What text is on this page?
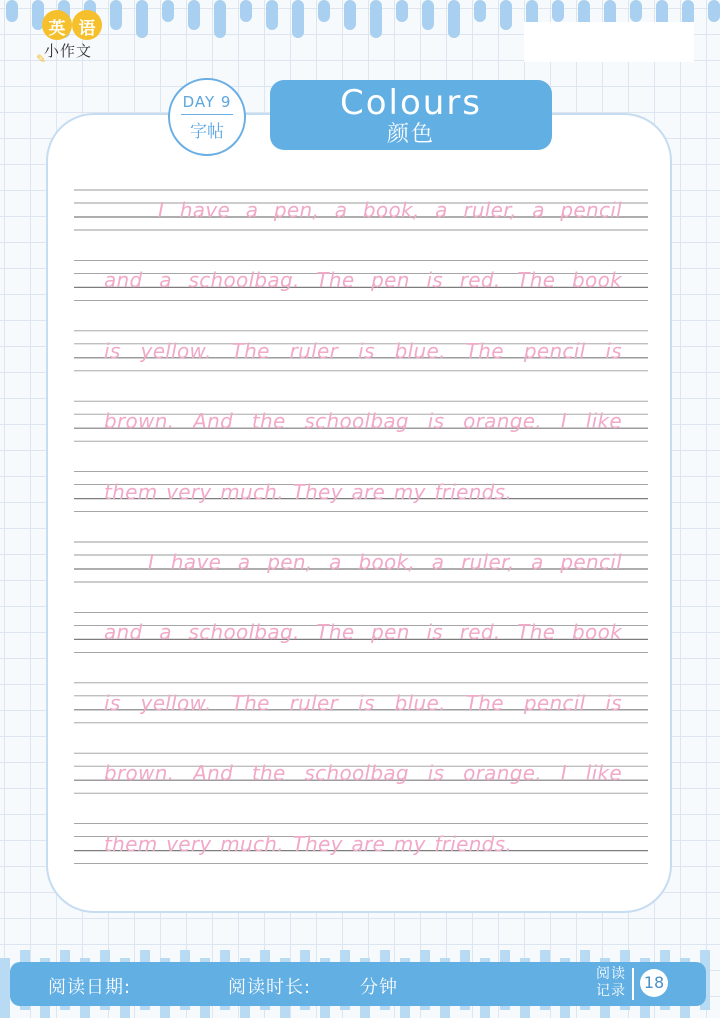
英 语
小作文
✎
I have a pen, a book, a ruler, a pencil
and a schoolbag. The pen is red. The book
is yellow. The ruler is blue. The pencil is
brown. And the schoolbag is orange. I like
them very much. They are my friends.
I have a pen, a book, a ruler, a pencil
and a schoolbag. The pen is red. The book
is yellow. The ruler is blue. The pencil is
brown. And the schoolbag is orange. I like
them very much. They are my friends.
DAY 9
字帖
Colours
颜色
阅读日期:	阅读时长:	分钟
阅读
记录 18
